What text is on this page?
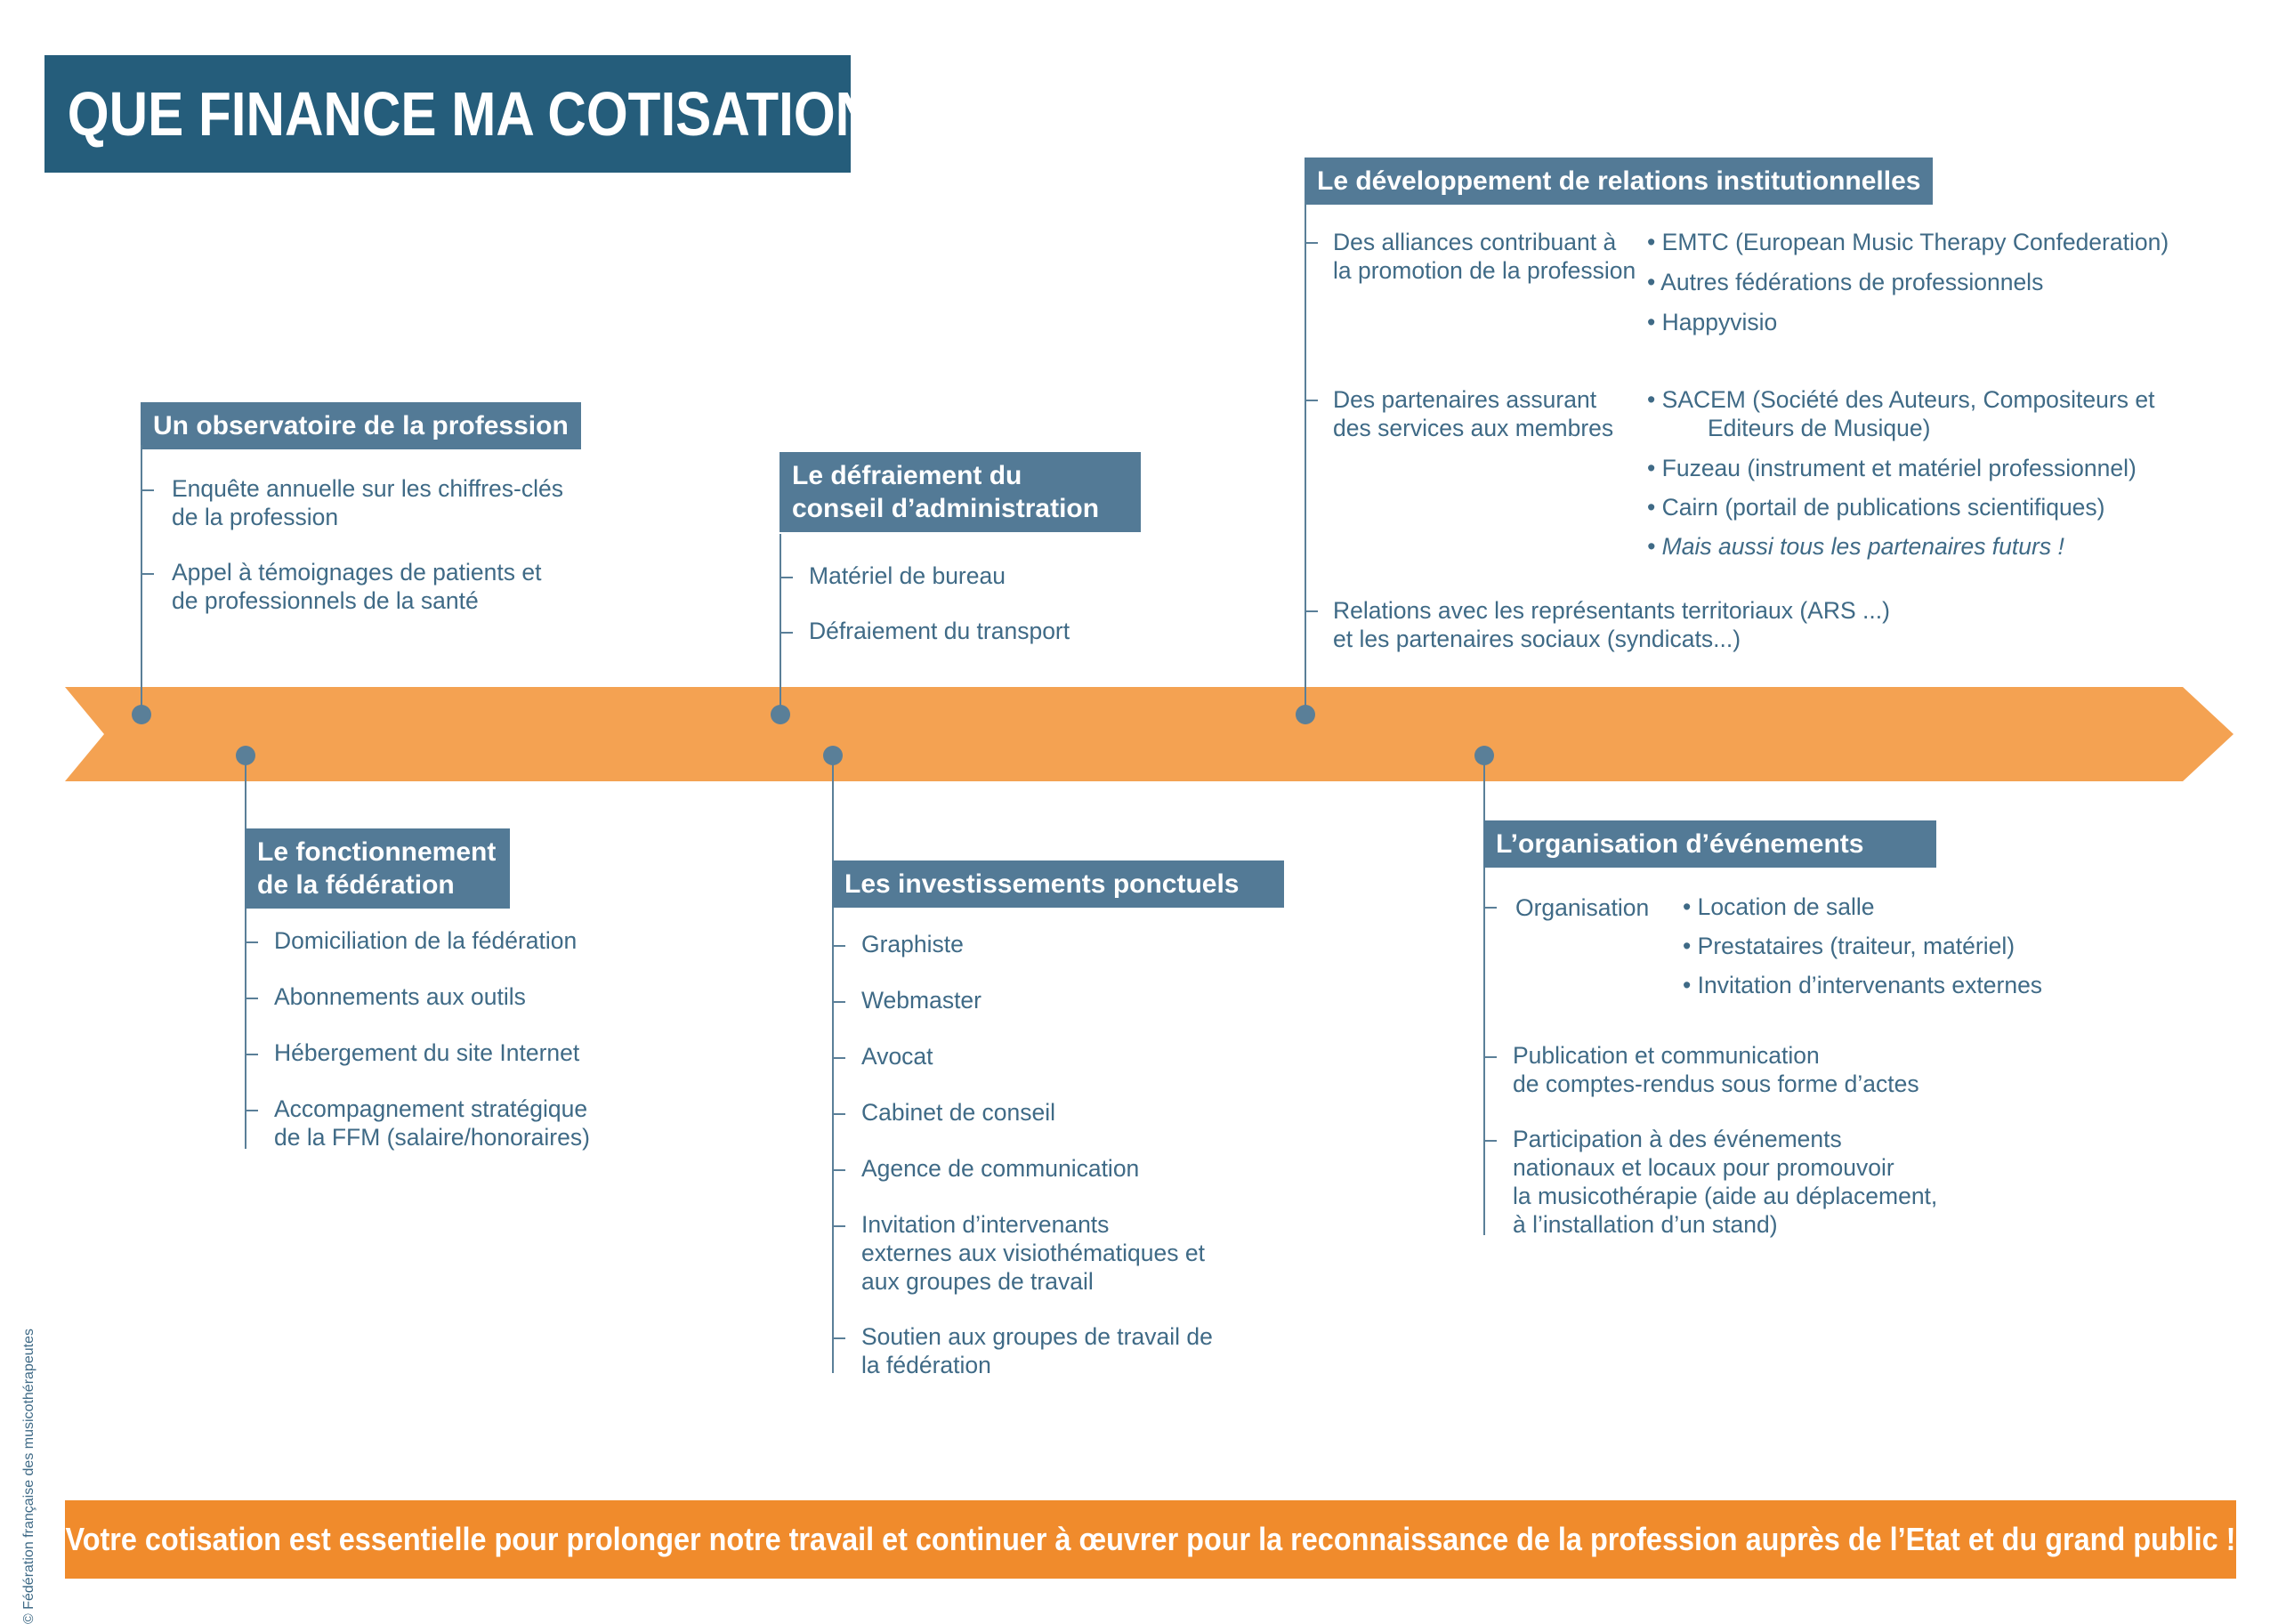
QUE FINANCE MA COTISATION ?
Un observatoire de la profession
Enquête annuelle sur les chiffres-clés
de la profession
Appel à témoignages de patients et
de professionnels de la santé
Le défraiement du
conseil d’administration
Matériel de bureau
Défraiement du transport
Le développement de relations institutionnelles
Des alliances contribuant à
la promotion de la profession
• EMTC (European Music Therapy Confederation)
• Autres fédérations de professionnels
• Happyvisio
Des partenaires assurant
des services aux membres
• SACEM (Société des Auteurs, Compositeurs et
Editeurs de Musique)
• Fuzeau (instrument et matériel professionnel)
• Cairn (portail de publications scientifiques)
• Mais aussi tous les partenaires futurs !
Relations avec les représentants territoriaux (ARS ...)
et les partenaires sociaux (syndicats...)
Le fonctionnement
de la fédération
Domiciliation de la fédération
Abonnements aux outils
Hébergement du site Internet
Accompagnement stratégique
de la FFM (salaire/honoraires)
Les investissements ponctuels
Graphiste
Webmaster
Avocat
Cabinet de conseil
Agence de communication
Invitation d’intervenants
externes aux visiothématiques et
aux groupes de travail
Soutien aux groupes de travail de
la fédération
L’organisation d’événements
Organisation • Location de salle
• Prestataires (traiteur, matériel)
• Invitation d’intervenants externes
Publication et communication
de comptes-rendus sous forme d’actes
Participation à des événements
nationaux et locaux pour promouvoir
la musicothérapie (aide au déplacement,
à l’installation d’un stand)
Votre cotisation est essentielle pour prolonger notre travail et continuer à œuvrer pour la reconnaissance de la profession auprès de l’Etat et du grand public !
© Fédération française des musicothérapeutes
